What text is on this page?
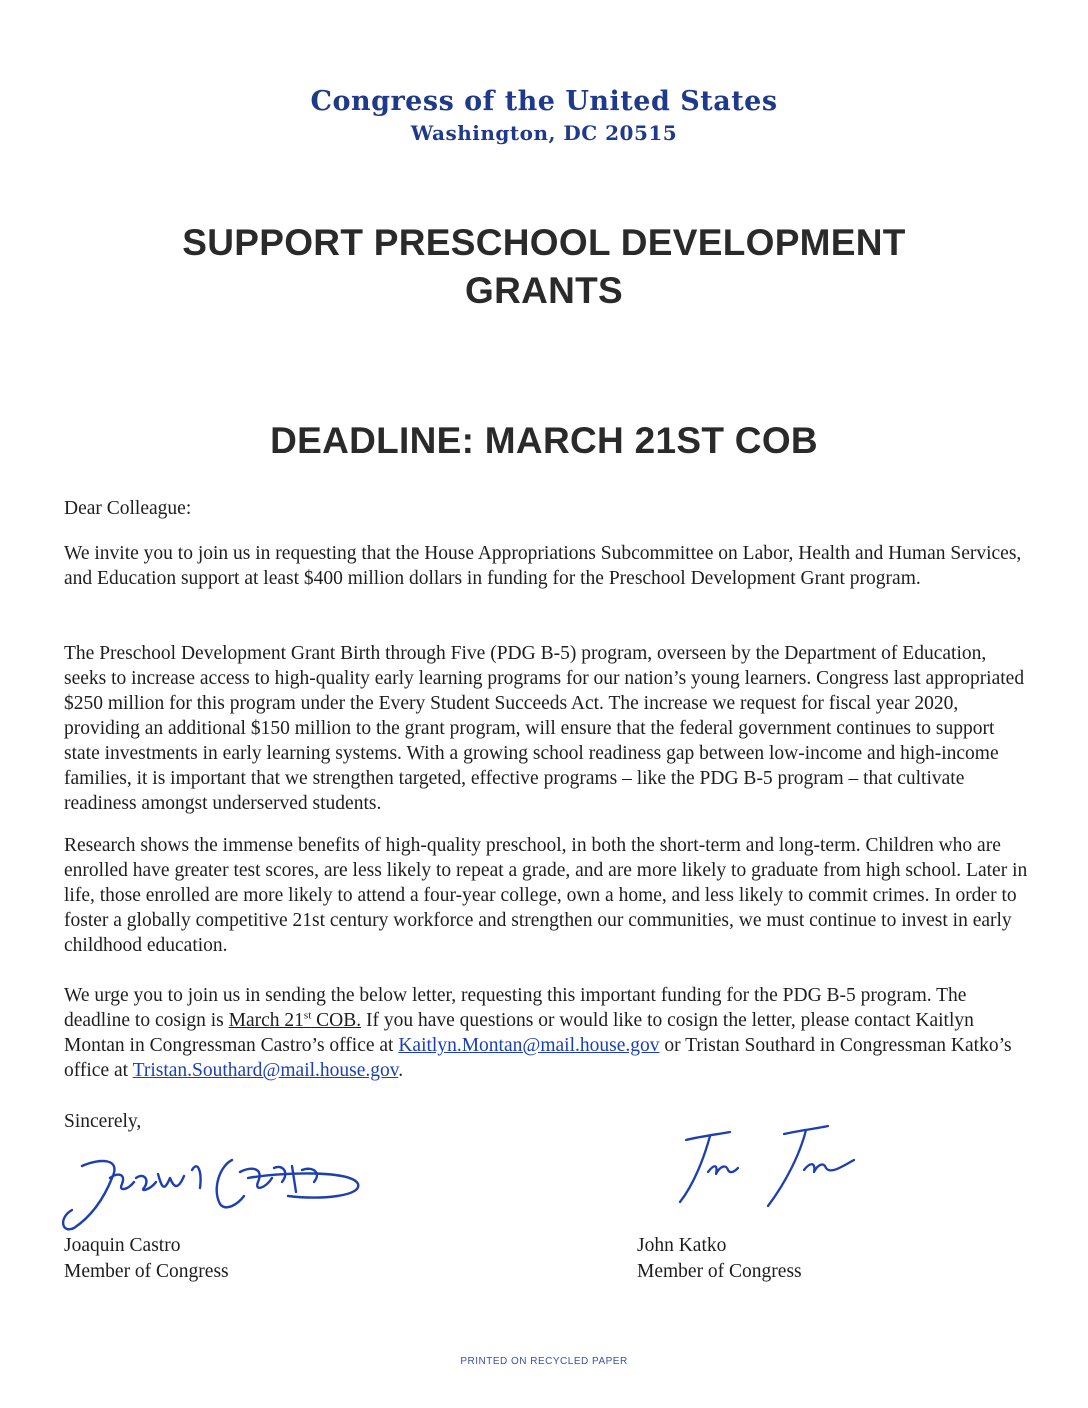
Congress of the United States
Washington, DC 20515
SUPPORT PRESCHOOL DEVELOPMENT
GRANTS
DEADLINE: MARCH 21ST COB
Dear Colleague:
We invite you to join us in requesting that the House Appropriations Subcommittee on Labor, Health and Human Services, and Education support at least $400 million dollars in funding for the Preschool Development Grant program.
The Preschool Development Grant Birth through Five (PDG B-5) program, overseen by the Department of Education, seeks to increase access to high-quality early learning programs for our nation’s young learners. Congress last appropriated $250 million for this program under the Every Student Succeeds Act. The increase we request for fiscal year 2020, providing an additional $150 million to the grant program, will ensure that the federal government continues to support state investments in early learning systems. With a growing school readiness gap between low-income and high-income families, it is important that we strengthen targeted, effective programs – like the PDG B-5 program – that cultivate readiness amongst underserved students.
Research shows the immense benefits of high-quality preschool, in both the short-term and long-term. Children who are enrolled have greater test scores, are less likely to repeat a grade, and are more likely to graduate from high school. Later in life, those enrolled are more likely to attend a four-year college, own a home, and less likely to commit crimes. In order to foster a globally competitive 21st century workforce and strengthen our communities, we must continue to invest in early childhood education.
We urge you to join us in sending the below letter, requesting this important funding for the PDG B-5 program. The deadline to cosign is March 21st COB. If you have questions or would like to cosign the letter, please contact Kaitlyn Montan in Congressman Castro’s office at Kaitlyn.Montan@mail.house.gov or Tristan Southard in Congressman Katko’s office at Tristan.Southard@mail.house.gov.
Sincerely,
Joaquin Castro
Member of Congress
John Katko
Member of Congress
PRINTED ON RECYCLED PAPER
